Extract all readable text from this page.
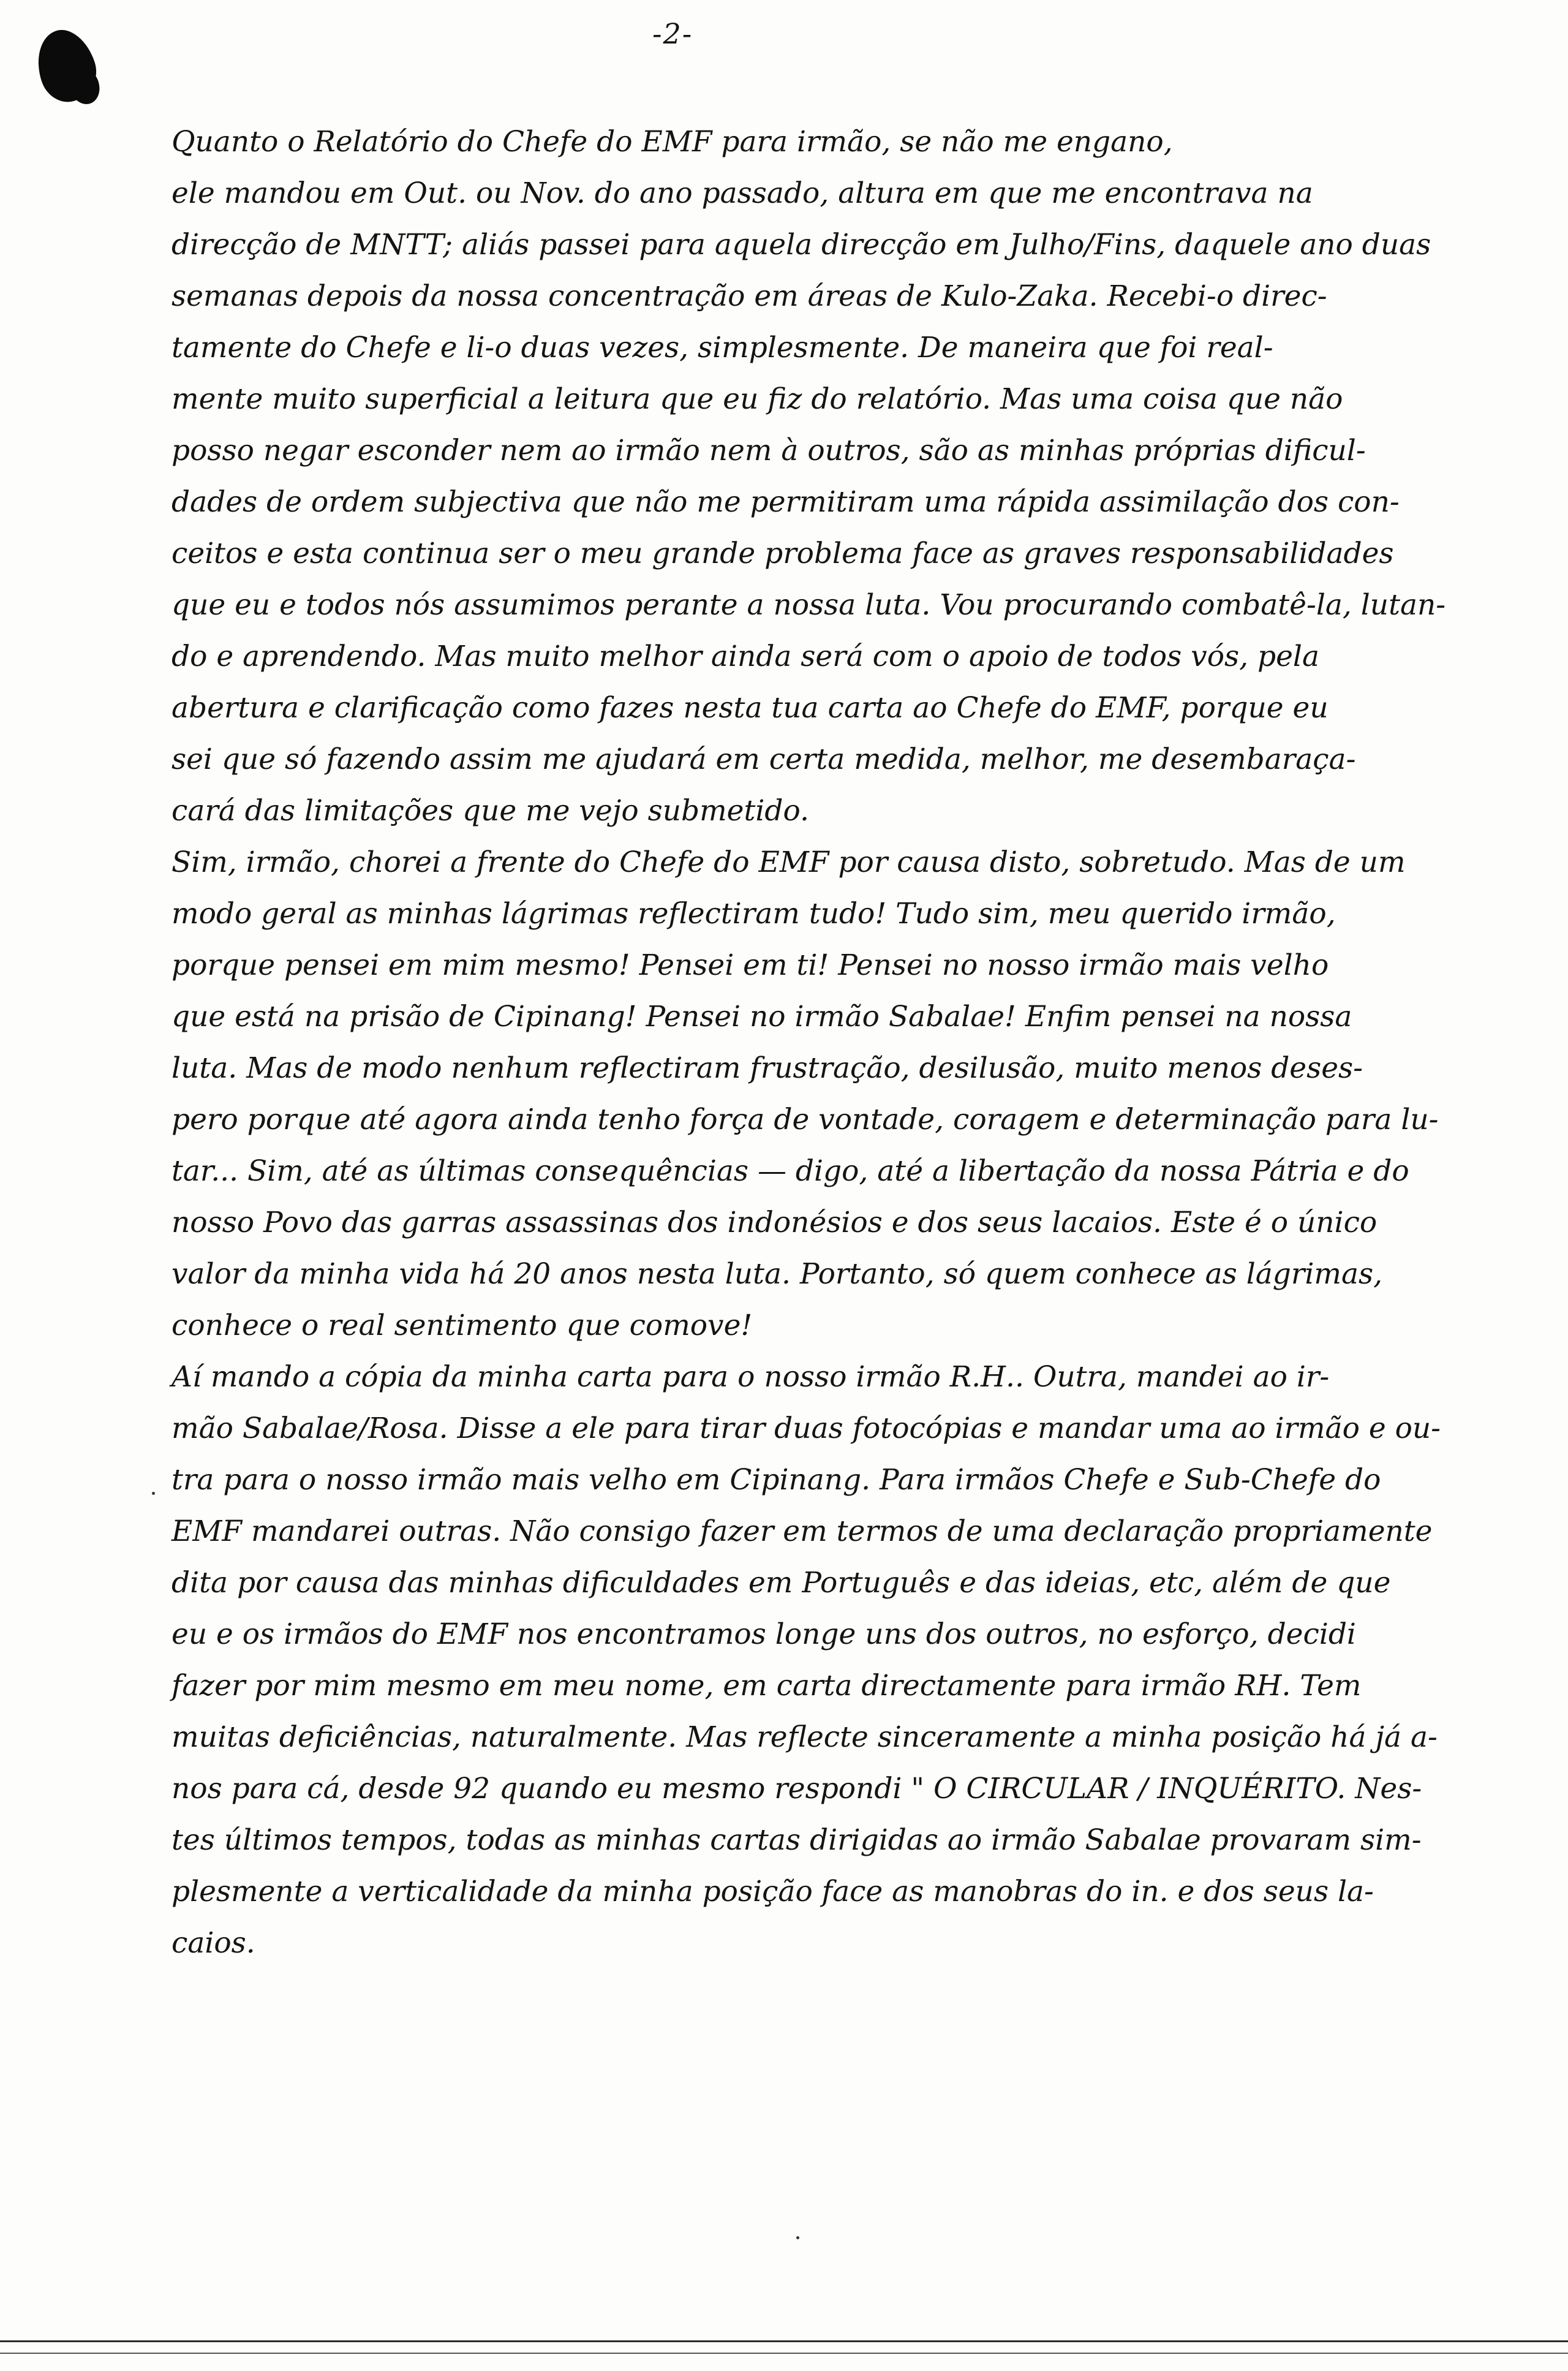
-2-
Quanto o Relatório do Chefe do EMF para irmão, se não me engano,
ele mandou em Out. ou Nov. do ano passado, altura em que me encontrava na
direcção de MNTT; aliás passei para aquela direcção em Julho/Fins, daquele ano duas
semanas depois da nossa concentração em áreas de Kulo-Zaka. Recebi-o direc-
tamente do Chefe e li-o duas vezes, simplesmente. De maneira que foi real-
mente muito superficial a leitura que eu fiz do relatório. Mas uma coisa que não
posso negar esconder nem ao irmão nem à outros, são as minhas próprias dificul-
dades de ordem subjectiva que não me permitiram uma rápida assimilação dos con-
ceitos e esta continua ser o meu grande problema face as graves responsabilidades
que eu e todos nós assumimos perante a nossa luta. Vou procurando combatê-la, lutan-
do e aprendendo. Mas muito melhor ainda será com o apoio de todos vós, pela
abertura e clarificação como fazes nesta tua carta ao Chefe do EMF, porque eu
sei que só fazendo assim me ajudará em certa medida, melhor, me desembaraça-
cará das limitações que me vejo submetido.
Sim, irmão, chorei a frente do Chefe do EMF por causa disto, sobretudo. Mas de um
modo geral as minhas lágrimas reflectiram tudo! Tudo sim, meu querido irmão,
porque pensei em mim mesmo! Pensei em ti! Pensei no nosso irmão mais velho
que está na prisão de Cipinang! Pensei no irmão Sabalae! Enfim pensei na nossa
luta. Mas de modo nenhum reflectiram frustração, desilusão, muito menos deses-
pero porque até agora ainda tenho força de vontade, coragem e determinação para lu-
tar... Sim, até as últimas consequências — digo, até a libertação da nossa Pátria e do
nosso Povo das garras assassinas dos indonésios e dos seus lacaios. Este é o único
valor da minha vida há 20 anos nesta luta. Portanto, só quem conhece as lágrimas,
conhece o real sentimento que comove!
Aí mando a cópia da minha carta para o nosso irmão R.H.. Outra, mandei ao ir-
mão Sabalae/Rosa. Disse a ele para tirar duas fotocópias e mandar uma ao irmão e ou-
tra para o nosso irmão mais velho em Cipinang. Para irmãos Chefe e Sub-Chefe do
EMF mandarei outras. Não consigo fazer em termos de uma declaração propriamente
dita por causa das minhas dificuldades em Português e das ideias, etc, além de que
eu e os irmãos do EMF nos encontramos longe uns dos outros, no esforço, decidi
fazer por mim mesmo em meu nome, em carta directamente para irmão RH. Tem
muitas deficiências, naturalmente. Mas reflecte sinceramente a minha posição há já a-
nos para cá, desde 92 quando eu mesmo respondi " O CIRCULAR / INQUÉRITO. Nes-
tes últimos tempos, todas as minhas cartas dirigidas ao irmão Sabalae provaram sim-
plesmente a verticalidade da minha posição face as manobras do in. e dos seus la-
caios.
